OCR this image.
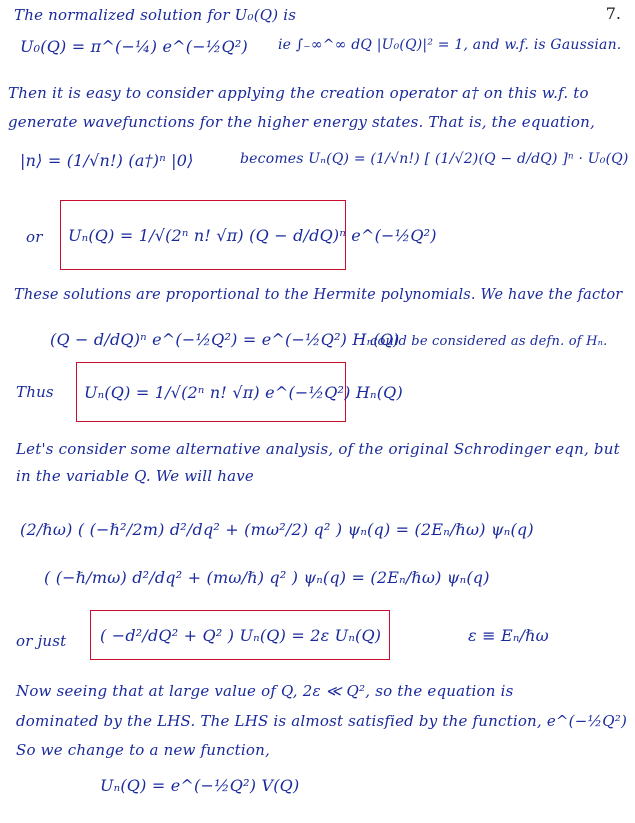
7.
The normalized solution for U₀(Q) is
U₀(Q) = π^(−¼) e^(−½Q²) ie ∫₋∞^∞ dQ |U₀(Q)|² = 1, and w.f. is Gaussian.
Then it is easy to consider applying the creation operator a† on this w.f. to
generate wavefunctions for the higher energy states. That is, the equation,
|n⟩ = (1/√n!) (a†)ⁿ |0⟩	becomes Uₙ(Q) = (1/√n!) [ (1/√2)(Q − d/dQ) ]ⁿ · U₀(Q)
or Uₙ(Q) = 1/√(2ⁿ n! √π) (Q − d/dQ)ⁿ e^(−½Q²)
These solutions are proportional to the Hermite polynomials. We have the factor
(Q − d/dQ)ⁿ e^(−½Q²) = e^(−½Q²) Hₙ(Q)
could be considered as defn. of Hₙ.
Thus Uₙ(Q) = 1/√(2ⁿ n! √π) e^(−½Q²) Hₙ(Q)
Let's consider some alternative analysis, of the original Schrodinger eqn, but
in the variable Q. We will have
(2/ℏω) ( (−ℏ²/2m) d²/dq² + (mω²/2) q² ) ψₙ(q) = (2Eₙ/ℏω) ψₙ(q)
( (−ℏ/mω) d²/dq² + (mω/ℏ) q² ) ψₙ(q) = (2Eₙ/ℏω) ψₙ(q)
or just ( −d²/dQ² + Q² ) Uₙ(Q) = 2ε Uₙ(Q)	ε ≡ Eₙ/ℏω
Now seeing that at large value of Q, 2ε ≪ Q², so the equation is
dominated by the LHS. The LHS is almost satisfied by the function, e^(−½Q²)
So we change to a new function,
Uₙ(Q) = e^(−½Q²) V(Q)
